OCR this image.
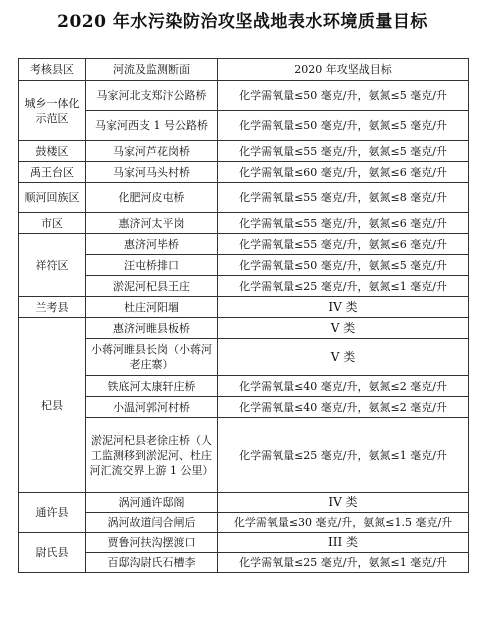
2020 年水污染防治攻坚战地表水环境质量目标
考核县区	河流及监测断面	2020 年攻坚战目标
城乡一体化示范区	马家河北支郑汴公路桥	化学需氧量≤50 毫克/升，氨氮≤5 毫克/升
	马家河西支 1 号公路桥	化学需氧量≤50 毫克/升，氨氮≤5 毫克/升
鼓楼区	马家河芦花岗桥	化学需氧量≤55 毫克/升，氨氮≤5 毫克/升
禹王台区	马家河马头村桥	化学需氧量≤60 毫克/升，氨氮≤6 毫克/升
顺河回族区	化肥河皮屯桥	化学需氧量≤55 毫克/升，氨氮≤8 毫克/升
市区	惠济河太平岗	化学需氧量≤55 毫克/升，氨氮≤6 毫克/升
祥符区	惠济河毕桥	化学需氧量≤55 毫克/升，氨氮≤6 毫克/升
	汪屯桥排口	化学需氧量≤50 毫克/升，氨氮≤5 毫克/升
	淤泥河杞县王庄	化学需氧量≤25 毫克/升，氨氮≤1 毫克/升
兰考县	杜庄河阳堌	IV 类
杞县	惠济河睢县板桥	V 类
	小蒋河睢县长岗（小蒋河老庄寨）	V 类
	铁底河太康轩庄桥	化学需氧量≤40 毫克/升，氨氮≤2 毫克/升
	小温河郭河村桥	化学需氧量≤40 毫克/升，氨氮≤2 毫克/升
	淤泥河杞县老徐庄桥（人工监测移到淤泥河、杜庄河汇流交界上游 1 公里）	化学需氧量≤25 毫克/升，氨氮≤1 毫克/升
通许县	涡河通许邸阁	IV 类
	涡河故道闫合闸后	化学需氧量≤30 毫克/升，氨氮≤1.5 毫克/升
尉氏县	贾鲁河扶沟摆渡口	III 类
	百邸沟尉氏石槽李	化学需氧量≤25 毫克/升，氨氮≤1 毫克/升
